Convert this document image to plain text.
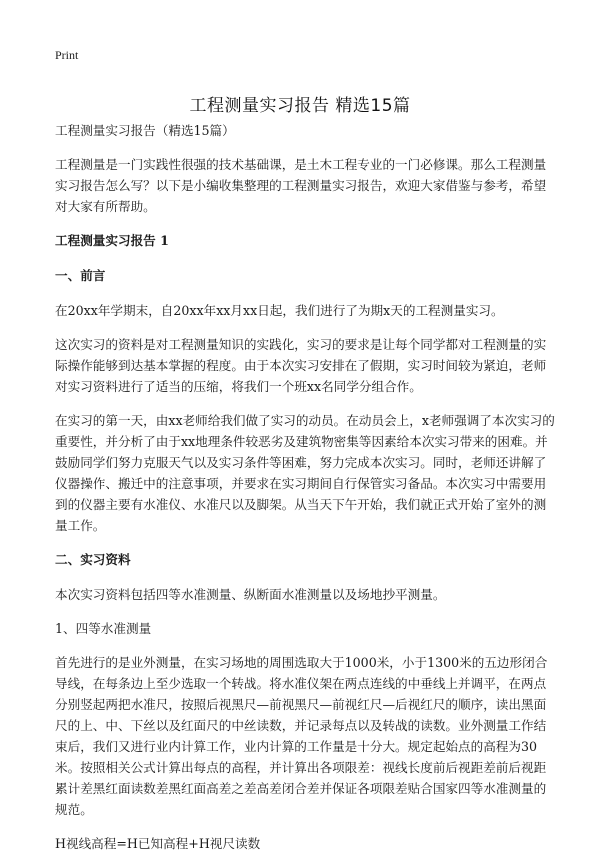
Print
工程测量实习报告 精选15篇

工程测量实习报告（精选15篇）

工程测量是一门实践性很强的技术基础课，是土木工程专业的一门必修课。那么工程测量实习报告怎么写？以下是小编收集整理的工程测量实习报告，欢迎大家借鉴与参考，希望对大家有所帮助。

工程测量实习报告 1

一、前言

在20xx年学期末，自20xx年xx月xx日起，我们进行了为期x天的工程测量实习。

这次实习的资料是对工程测量知识的实践化，实习的要求是让每个同学都对工程测量的实际操作能够到达基本掌握的程度。由于本次实习安排在了假期，实习时间较为紧迫，老师对实习资料进行了适当的压缩，将我们一个班xx名同学分组合作。

在实习的第一天，由xx老师给我们做了实习的动员。在动员会上，x老师强调了本次实习的重要性，并分析了由于xx地理条件较恶劣及建筑物密集等因素给本次实习带来的困难。并鼓励同学们努力克服天气以及实习条件等困难，努力完成本次实习。同时，老师还讲解了仪器操作、搬迁中的注意事项，并要求在实习期间自行保管实习备品。本次实习中需要用到的仪器主要有水准仪、水准尺以及脚架。从当天下午开始，我们就正式开始了室外的测量工作。

二、实习资料

本次实习资料包括四等水准测量、纵断面水准测量以及场地抄平测量。

1、四等水准测量

首先进行的是业外测量，在实习场地的周围选取大于1000米，小于1300米的五边形闭合导线，在每条边上至少选取一个转战。将水准仪架在两点连线的中垂线上并调平，在两点分别竖起两把水准尺，按照后视黑尺—前视黑尺—前视红尺—后视红尺的顺序，读出黑面尺的上、中、下丝以及红面尺的中丝读数，并记录每点以及转战的读数。业外测量工作结束后，我们又进行业内计算工作，业内计算的工作量是十分大。规定起始点的高程为30米。按照相关公式计算出每点的高程，并计算出各项限差：视线长度前后视距差前后视距累计差黑红面读数差黑红面高差之差高差闭合差并保证各项限差贴合国家四等水准测量的规范。

H视线高程=H已知高程+H视尺读数
